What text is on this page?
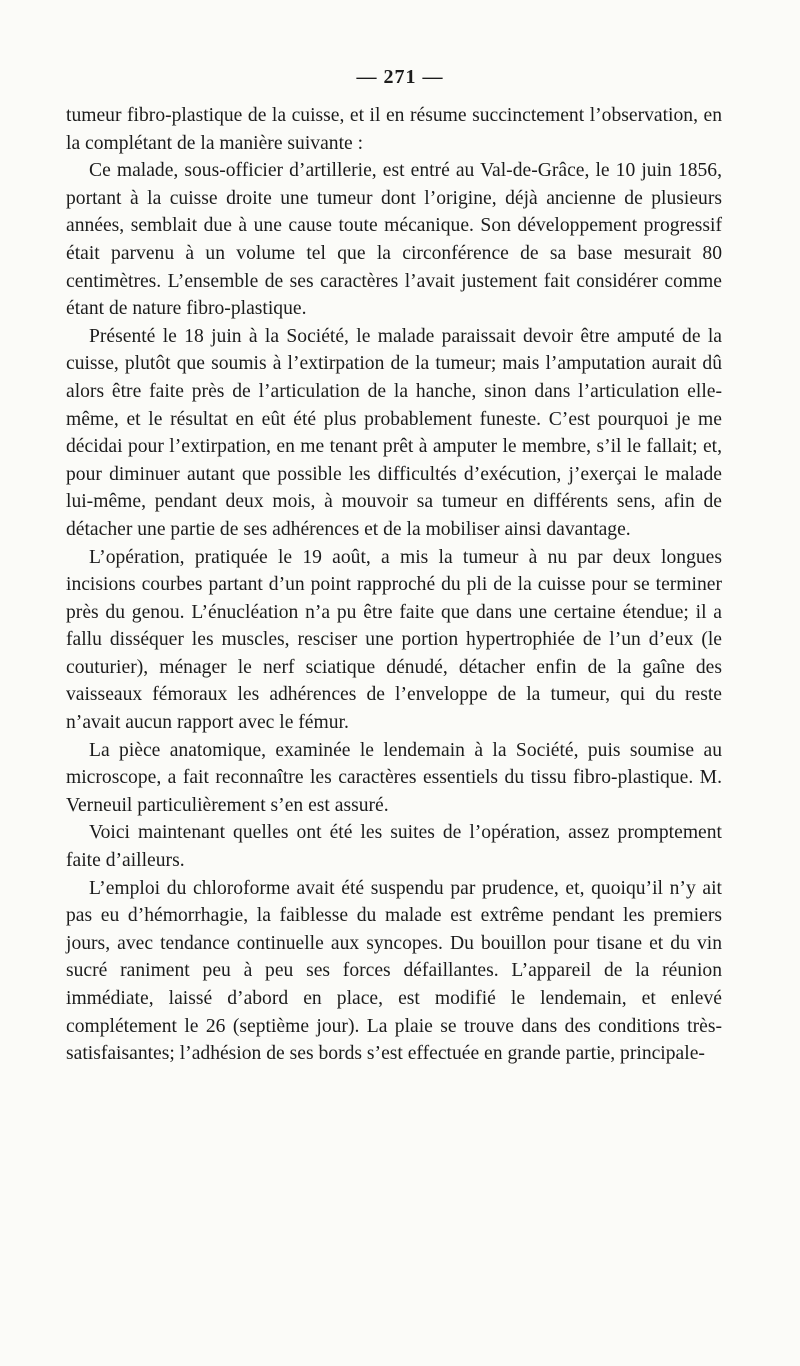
— 271 —

tumeur fibro-plastique de la cuisse, et il en résume succinctement l’observation, en la complétant de la manière suivante :

Ce malade, sous-officier d’artillerie, est entré au Val-de-Grâce, le 10 juin 1856, portant à la cuisse droite une tumeur dont l’origine, déjà ancienne de plusieurs années, semblait due à une cause toute mécanique. Son développement progressif était parvenu à un volume tel que la circonférence de sa base mesurait 80 centimètres. L’ensemble de ses caractères l’avait justement fait considérer comme étant de nature fibro-plastique.

Présenté le 18 juin à la Société, le malade paraissait devoir être amputé de la cuisse, plutôt que soumis à l’extirpation de la tumeur; mais l’amputation aurait dû alors être faite près de l’articulation de la hanche, sinon dans l’articulation elle-même, et le résultat en eût été plus probablement funeste. C’est pourquoi je me décidai pour l’extirpation, en me tenant prêt à amputer le membre, s’il le fallait; et, pour diminuer autant que possible les difficultés d’exécution, j’exerçai le malade lui-même, pendant deux mois, à mouvoir sa tumeur en différents sens, afin de détacher une partie de ses adhérences et de la mobiliser ainsi davantage.

L’opération, pratiquée le 19 août, a mis la tumeur à nu par deux longues incisions courbes partant d’un point rapproché du pli de la cuisse pour se terminer près du genou. L’énucléation n’a pu être faite que dans une certaine étendue; il a fallu disséquer les muscles, resciser une portion hypertrophiée de l’un d’eux (le couturier), ménager le nerf sciatique dénudé, détacher enfin de la gaîne des vaisseaux fémoraux les adhérences de l’enveloppe de la tumeur, qui du reste n’avait aucun rapport avec le fémur.

La pièce anatomique, examinée le lendemain à la Société, puis soumise au microscope, a fait reconnaître les caractères essentiels du tissu fibro-plastique. M. Verneuil particulièrement s’en est assuré.

Voici maintenant quelles ont été les suites de l’opération, assez promptement faite d’ailleurs.

L’emploi du chloroforme avait été suspendu par prudence, et, quoiqu’il n’y ait pas eu d’hémorrhagie, la faiblesse du malade est extrême pendant les premiers jours, avec tendance continuelle aux syncopes. Du bouillon pour tisane et du vin sucré raniment peu à peu ses forces défaillantes. L’appareil de la réunion immédiate, laissé d’abord en place, est modifié le lendemain, et enlevé complétement le 26 (septième jour). La plaie se trouve dans des conditions très-satisfaisantes; l’adhésion de ses bords s’est effectuée en grande partie, principale-
